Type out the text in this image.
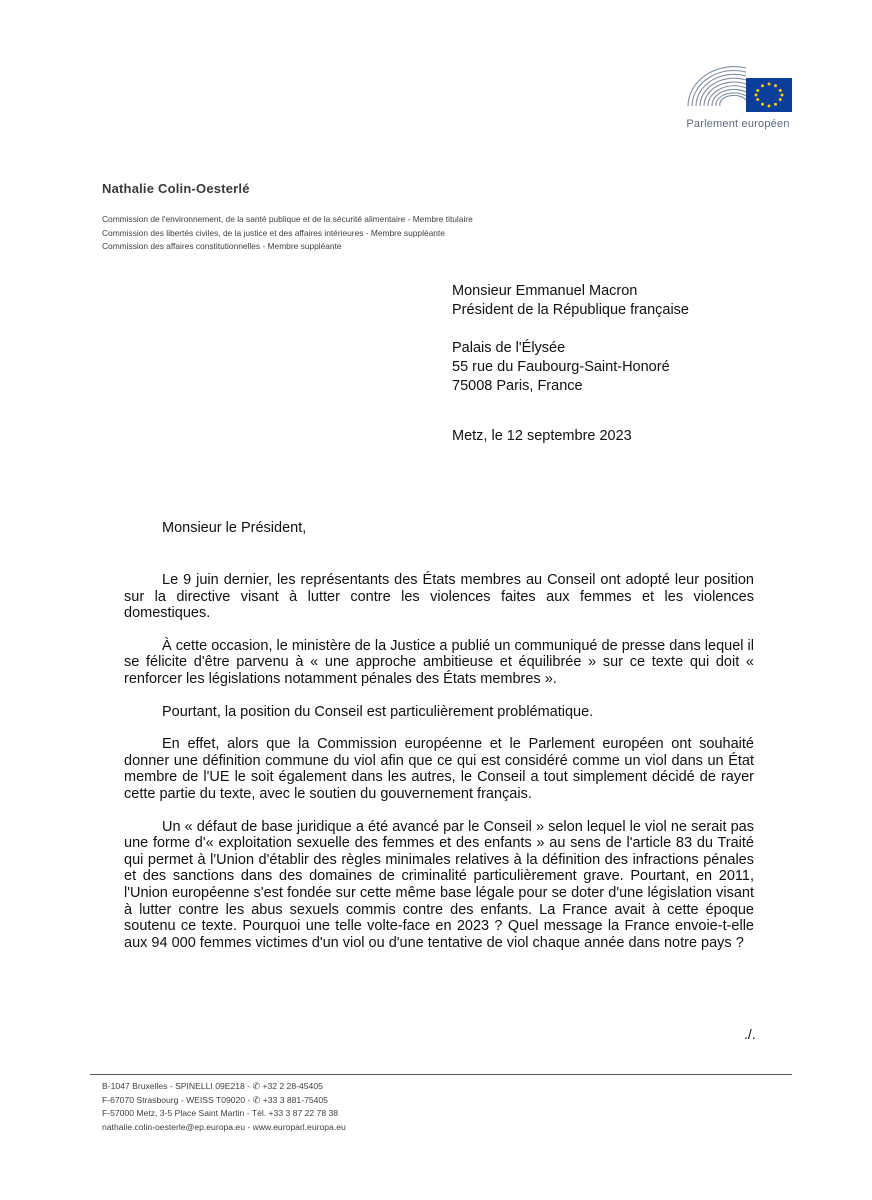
Parlement européen
Nathalie Colin-Oesterlé
Commission de l'environnement, de la santé publique et de la sécurité alimentaire - Membre titulaire
Commission des libertés civiles, de la justice et des affaires intérieures - Membre suppléante
Commission des affaires constitutionnelles - Membre suppléante
Monsieur Emmanuel Macron
Président de la République française
Palais de l'Élysée
55 rue du Faubourg-Saint-Honoré
75008 Paris, France
Metz, le 12 septembre 2023
Monsieur le Président,

Le 9 juin dernier, les représentants des États membres au Conseil ont adopté leur position sur la directive visant à lutter contre les violences faites aux femmes et les violences domestiques.

À cette occasion, le ministère de la Justice a publié un communiqué de presse dans lequel il se félicite d'être parvenu à « une approche ambitieuse et équilibrée » sur ce texte qui doit « renforcer les législations notamment pénales des États membres ».

Pourtant, la position du Conseil est particulièrement problématique.

En effet, alors que la Commission européenne et le Parlement européen ont souhaité donner une définition commune du viol afin que ce qui est considéré comme un viol dans un État membre de l'UE le soit également dans les autres, le Conseil a tout simplement décidé de rayer cette partie du texte, avec le soutien du gouvernement français.

Un « défaut de base juridique a été avancé par le Conseil » selon lequel le viol ne serait pas une forme d'« exploitation sexuelle des femmes et des enfants » au sens de l'article 83 du Traité qui permet à l'Union d'établir des règles minimales relatives à la définition des infractions pénales et des sanctions dans des domaines de criminalité particulièrement grave. Pourtant, en 2011, l'Union européenne s'est fondée sur cette même base légale pour se doter d'une législation visant à lutter contre les abus sexuels commis contre des enfants. La France avait à cette époque soutenu ce texte. Pourquoi une telle volte-face en 2023 ? Quel message la France envoie-t-elle aux 94 000 femmes victimes d'un viol ou d'une tentative de viol chaque année dans notre pays ?

./.
B-1047 Bruxelles - SPINELLI 09E218 - ✆ +32 2 28-45405
F-67070 Strasbourg - WEISS T09020 - ✆ +33 3 881-75405
F-57000 Metz, 3-5 Place Saint Martin - Tél. +33 3 87 22 78 38
nathalie.colin-oesterle@ep.europa.eu - www.europarl.europa.eu
